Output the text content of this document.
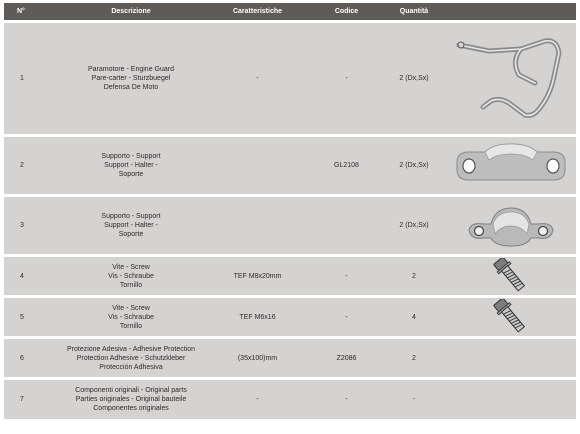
N°	Descrizione	Caratteristiche	Codice	Quantità	
1	Paramotore - Engine Guard
Pare-carter - Sturzbuegel
Defensa De Moto	-	-	2 (Dx,Sx)	

2	Supporto - Support
Support - Halter -
Soporte		GL2108	2 (Dx,Sx)	

3	Supporto - Support
Support - Halter -
Soporte			2 (Dx,Sx)	

4	Vite - Screw
Vis - Schraube
Tornillo	TEF M8x20mm	-	2	

5	Vite - Screw
Vis - Schraube
Tornillo	TEF M6x16	-	4	

6	Protezione Adesiva - Adhesive Protection
Protection Adhesive - Schutzkleber
Protección Adhesiva	(35x100)mm	Z2086	2	
7	Componenti originali - Original parts
Parties originales - Original bauteile
Componentes originales	-	-	-	
